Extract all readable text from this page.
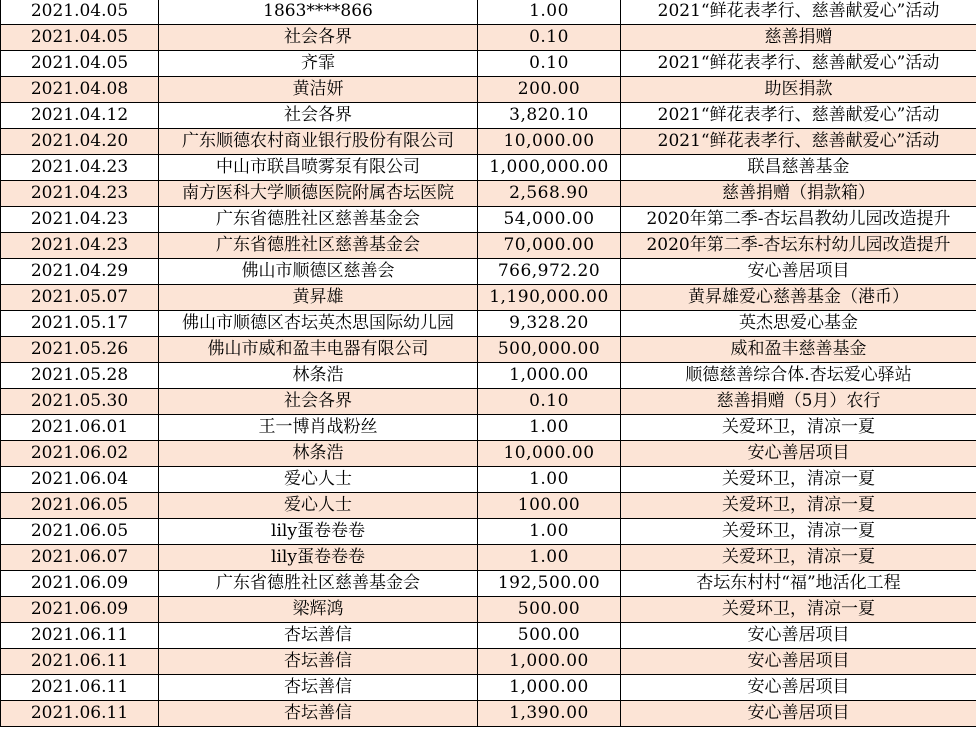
2021.04.05	1863****866	1.00	2021“鲜花表孝行、慈善献爱心”活动
2021.04.05	社会各界	0.10	慈善捐赠
2021.04.05	齐霏	0.10	2021“鲜花表孝行、慈善献爱心”活动
2021.04.08	黄洁妍	200.00	助医捐款
2021.04.12	社会各界	3,820.10	2021“鲜花表孝行、慈善献爱心”活动
2021.04.20	广东顺德农村商业银行股份有限公司	10,000.00	2021“鲜花表孝行、慈善献爱心”活动
2021.04.23	中山市联昌喷雾泵有限公司	1,000,000.00	联昌慈善基金
2021.04.23	南方医科大学顺德医院附属杏坛医院	2,568.90	慈善捐赠（捐款箱）
2021.04.23	广东省德胜社区慈善基金会	54,000.00	2020年第二季-杏坛昌教幼儿园改造提升
2021.04.23	广东省德胜社区慈善基金会	70,000.00	2020年第二季-杏坛东村幼儿园改造提升
2021.04.29	佛山市顺德区慈善会	766,972.20	安心善居项目
2021.05.07	黄昇雄	1,190,000.00	黄昇雄爱心慈善基金（港币）
2021.05.17	佛山市顺德区杏坛英杰思国际幼儿园	9,328.20	英杰思爱心基金
2021.05.26	佛山市威和盈丰电器有限公司	500,000.00	威和盈丰慈善基金
2021.05.28	林条浩	1,000.00	顺德慈善综合体.杏坛爱心驿站
2021.05.30	社会各界	0.10	慈善捐赠（5月）农行
2021.06.01	王一博肖战粉丝	1.00	关爱环卫，清凉一夏
2021.06.02	林条浩	10,000.00	安心善居项目
2021.06.04	爱心人士	1.00	关爱环卫，清凉一夏
2021.06.05	爱心人士	100.00	关爱环卫，清凉一夏
2021.06.05	lily蛋卷卷卷	1.00	关爱环卫，清凉一夏
2021.06.07	lily蛋卷卷卷	1.00	关爱环卫，清凉一夏
2021.06.09	广东省德胜社区慈善基金会	192,500.00	杏坛东村村“福”地活化工程
2021.06.09	梁辉鸿	500.00	关爱环卫，清凉一夏
2021.06.11	杏坛善信	500.00	安心善居项目
2021.06.11	杏坛善信	1,000.00	安心善居项目
2021.06.11	杏坛善信	1,000.00	安心善居项目
2021.06.11	杏坛善信	1,390.00	安心善居项目
